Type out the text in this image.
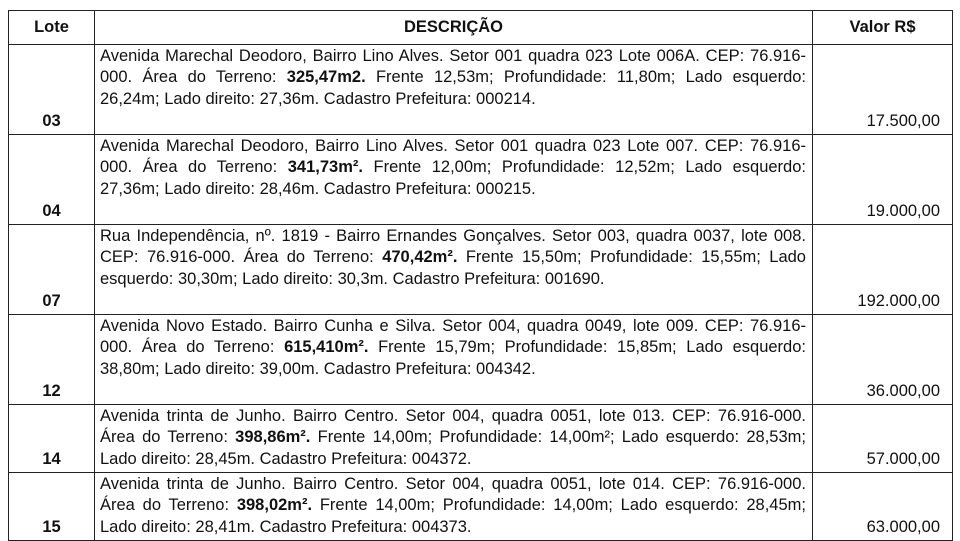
Lote	DESCRIÇÃO	Valor R$
03	Avenida Marechal Deodoro, Bairro Lino Alves. Setor 001 quadra 023 Lote 006A. CEP: 76.916-000. Área do Terreno: 325,47m2. Frente 12,53m; Profundidade: 11,80m; Lado esquerdo: 26,24m; Lado direito: 27,36m. Cadastro Prefeitura: 000214.	17.500,00
04	Avenida Marechal Deodoro, Bairro Lino Alves. Setor 001 quadra 023 Lote 007. CEP: 76.916-000. Área do Terreno: 341,73m². Frente 12,00m; Profundidade: 12,52m; Lado esquerdo: 27,36m; Lado direito: 28,46m. Cadastro Prefeitura: 000215.	19.000,00
07	Rua Independência, nº. 1819 - Bairro Ernandes Gonçalves. Setor 003, quadra 0037, lote 008. CEP: 76.916-000. Área do Terreno: 470,42m². Frente 15,50m; Profundidade: 15,55m; Lado esquerdo: 30,30m; Lado direito: 30,3m. Cadastro Prefeitura: 001690.	192.000,00
12	Avenida Novo Estado. Bairro Cunha e Silva. Setor 004, quadra 0049, lote 009. CEP: 76.916-000. Área do Terreno: 615,410m². Frente 15,79m; Profundidade: 15,85m; Lado esquerdo: 38,80m; Lado direito: 39,00m. Cadastro Prefeitura: 004342.	36.000,00
14	Avenida trinta de Junho. Bairro Centro. Setor 004, quadra 0051, lote 013. CEP: 76.916-000. Área do Terreno: 398,86m². Frente 14,00m; Profundidade: 14,00m²; Lado esquerdo: 28,53m; Lado direito: 28,45m. Cadastro Prefeitura: 004372.	57.000,00
15	Avenida trinta de Junho. Bairro Centro. Setor 004, quadra 0051, lote 014. CEP: 76.916-000. Área do Terreno: 398,02m². Frente 14,00m; Profundidade: 14,00m; Lado esquerdo: 28,45m; Lado direito: 28,41m. Cadastro Prefeitura: 004373.	63.000,00
